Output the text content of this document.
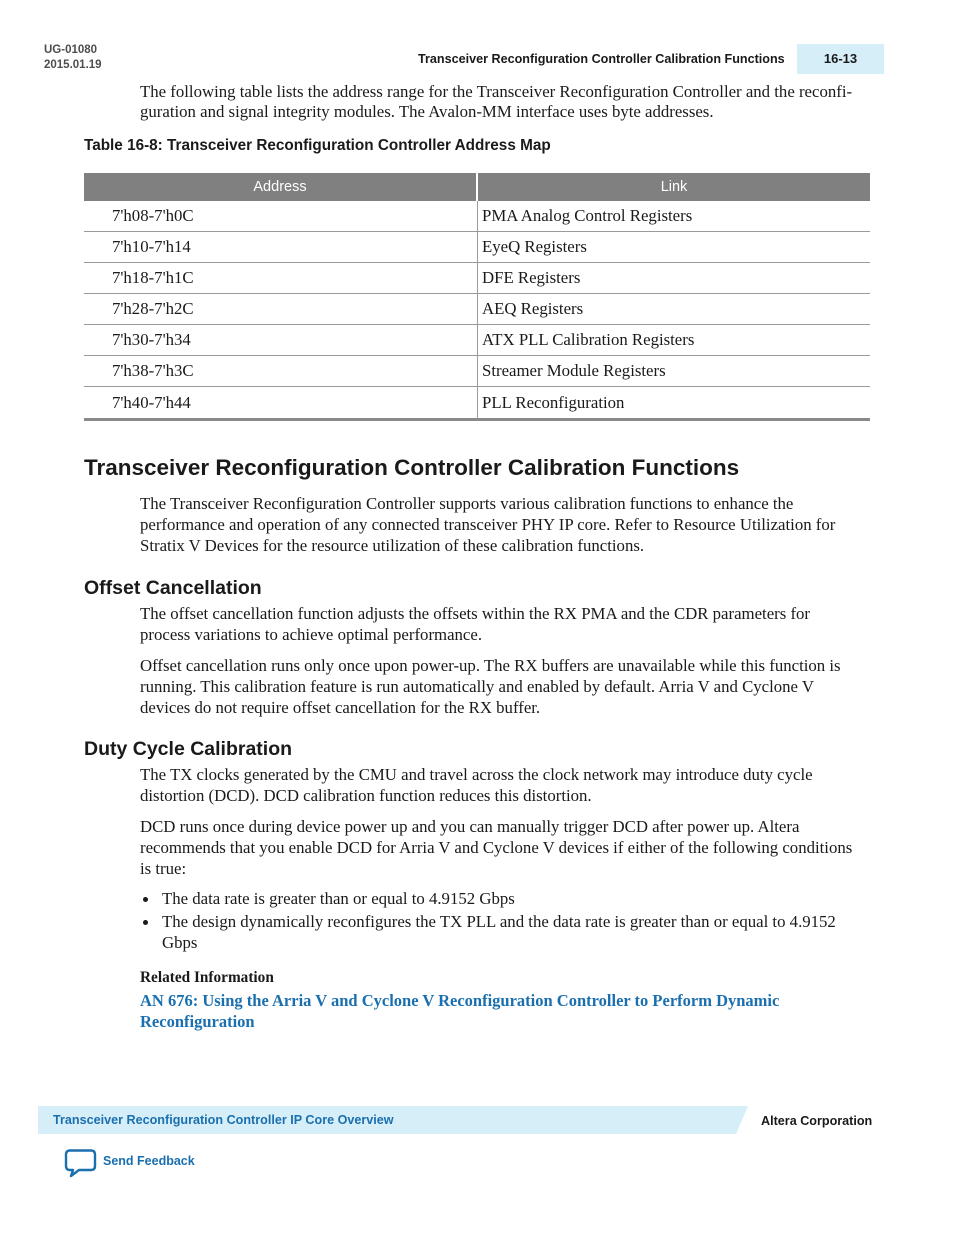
UG-01080
2015.01.19	Transceiver Reconfiguration Controller Calibration Functions	16-13
The following table lists the address range for the Transceiver Reconfiguration Controller and the reconfi-
guration and signal integrity modules. The Avalon-MM interface uses byte addresses.
Table 16-8: Transceiver Reconfiguration Controller Address Map
Address	Link
7'h08-7'h0C	PMA Analog Control Registers
7'h10-7'h14	EyeQ Registers
7'h18-7'h1C	DFE Registers
7'h28-7'h2C	AEQ Registers
7'h30-7'h34	ATX PLL Calibration Registers
7'h38-7'h3C	Streamer Module Registers
7'h40-7'h44	PLL Reconfiguration
Transceiver Reconfiguration Controller Calibration Functions
The Transceiver Reconfiguration Controller supports various calibration functions to enhance the
performance and operation of any connected transceiver PHY IP core. Refer to Resource Utilization for
Stratix V Devices for the resource utilization of these calibration functions.
Offset Cancellation
The offset cancellation function adjusts the offsets within the RX PMA and the CDR parameters for
process variations to achieve optimal performance.
Offset cancellation runs only once upon power-up. The RX buffers are unavailable while this function is
running. This calibration feature is run automatically and enabled by default. Arria V and Cyclone V
devices do not require offset cancellation for the RX buffer.
Duty Cycle Calibration
The TX clocks generated by the CMU and travel across the clock network may introduce duty cycle
distortion (DCD). DCD calibration function reduces this distortion.
DCD runs once during device power up and you can manually trigger DCD after power up. Altera
recommends that you enable DCD for Arria V and Cyclone V devices if either of the following conditions
is true:
The data rate is greater than or equal to 4.9152 Gbps
The design dynamically reconfigures the TX PLL and the data rate is greater than or equal to 4.9152
Gbps
Related Information
AN 676: Using the Arria V and Cyclone V Reconfiguration Controller to Perform Dynamic
Reconfiguration
Transceiver Reconfiguration Controller IP Core Overview	Altera Corporation
Send Feedback
